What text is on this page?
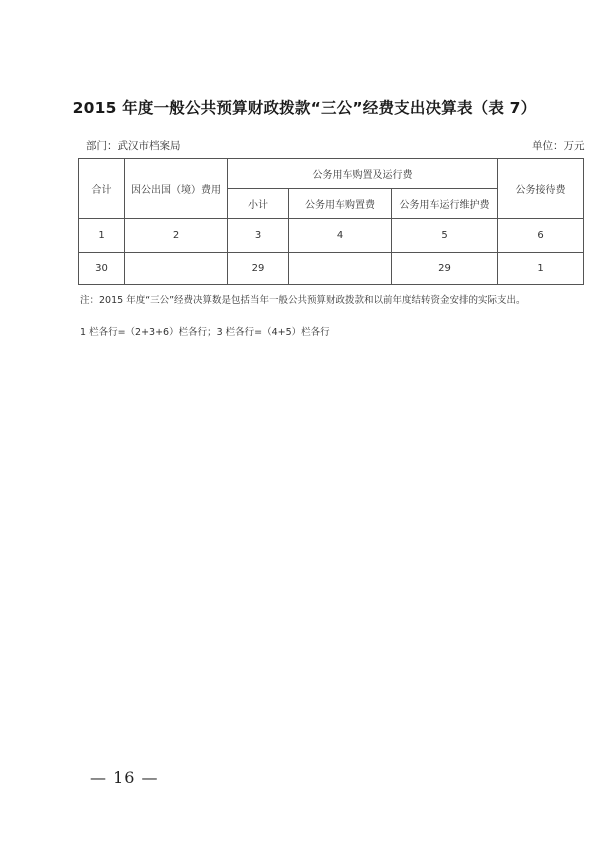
2015 年度一般公共预算财政拨款“三公”经费支出决算表（表 7）
部门：武汉市档案局	单位：万元
合计	因公出国（境）费用	公务用车购置及运行费			公务接待费
		小计	公务用车购置费	公务用车运行维护费	
1	2	3	4	5	6
30		29		29	1
注：2015 年度“三公”经费决算数是包括当年一般公共预算财政拨款和以前年度结转资金安排的实际支出。
1 栏各行=（2+3+6）栏各行；3 栏各行=（4+5）栏各行
— 16 —
